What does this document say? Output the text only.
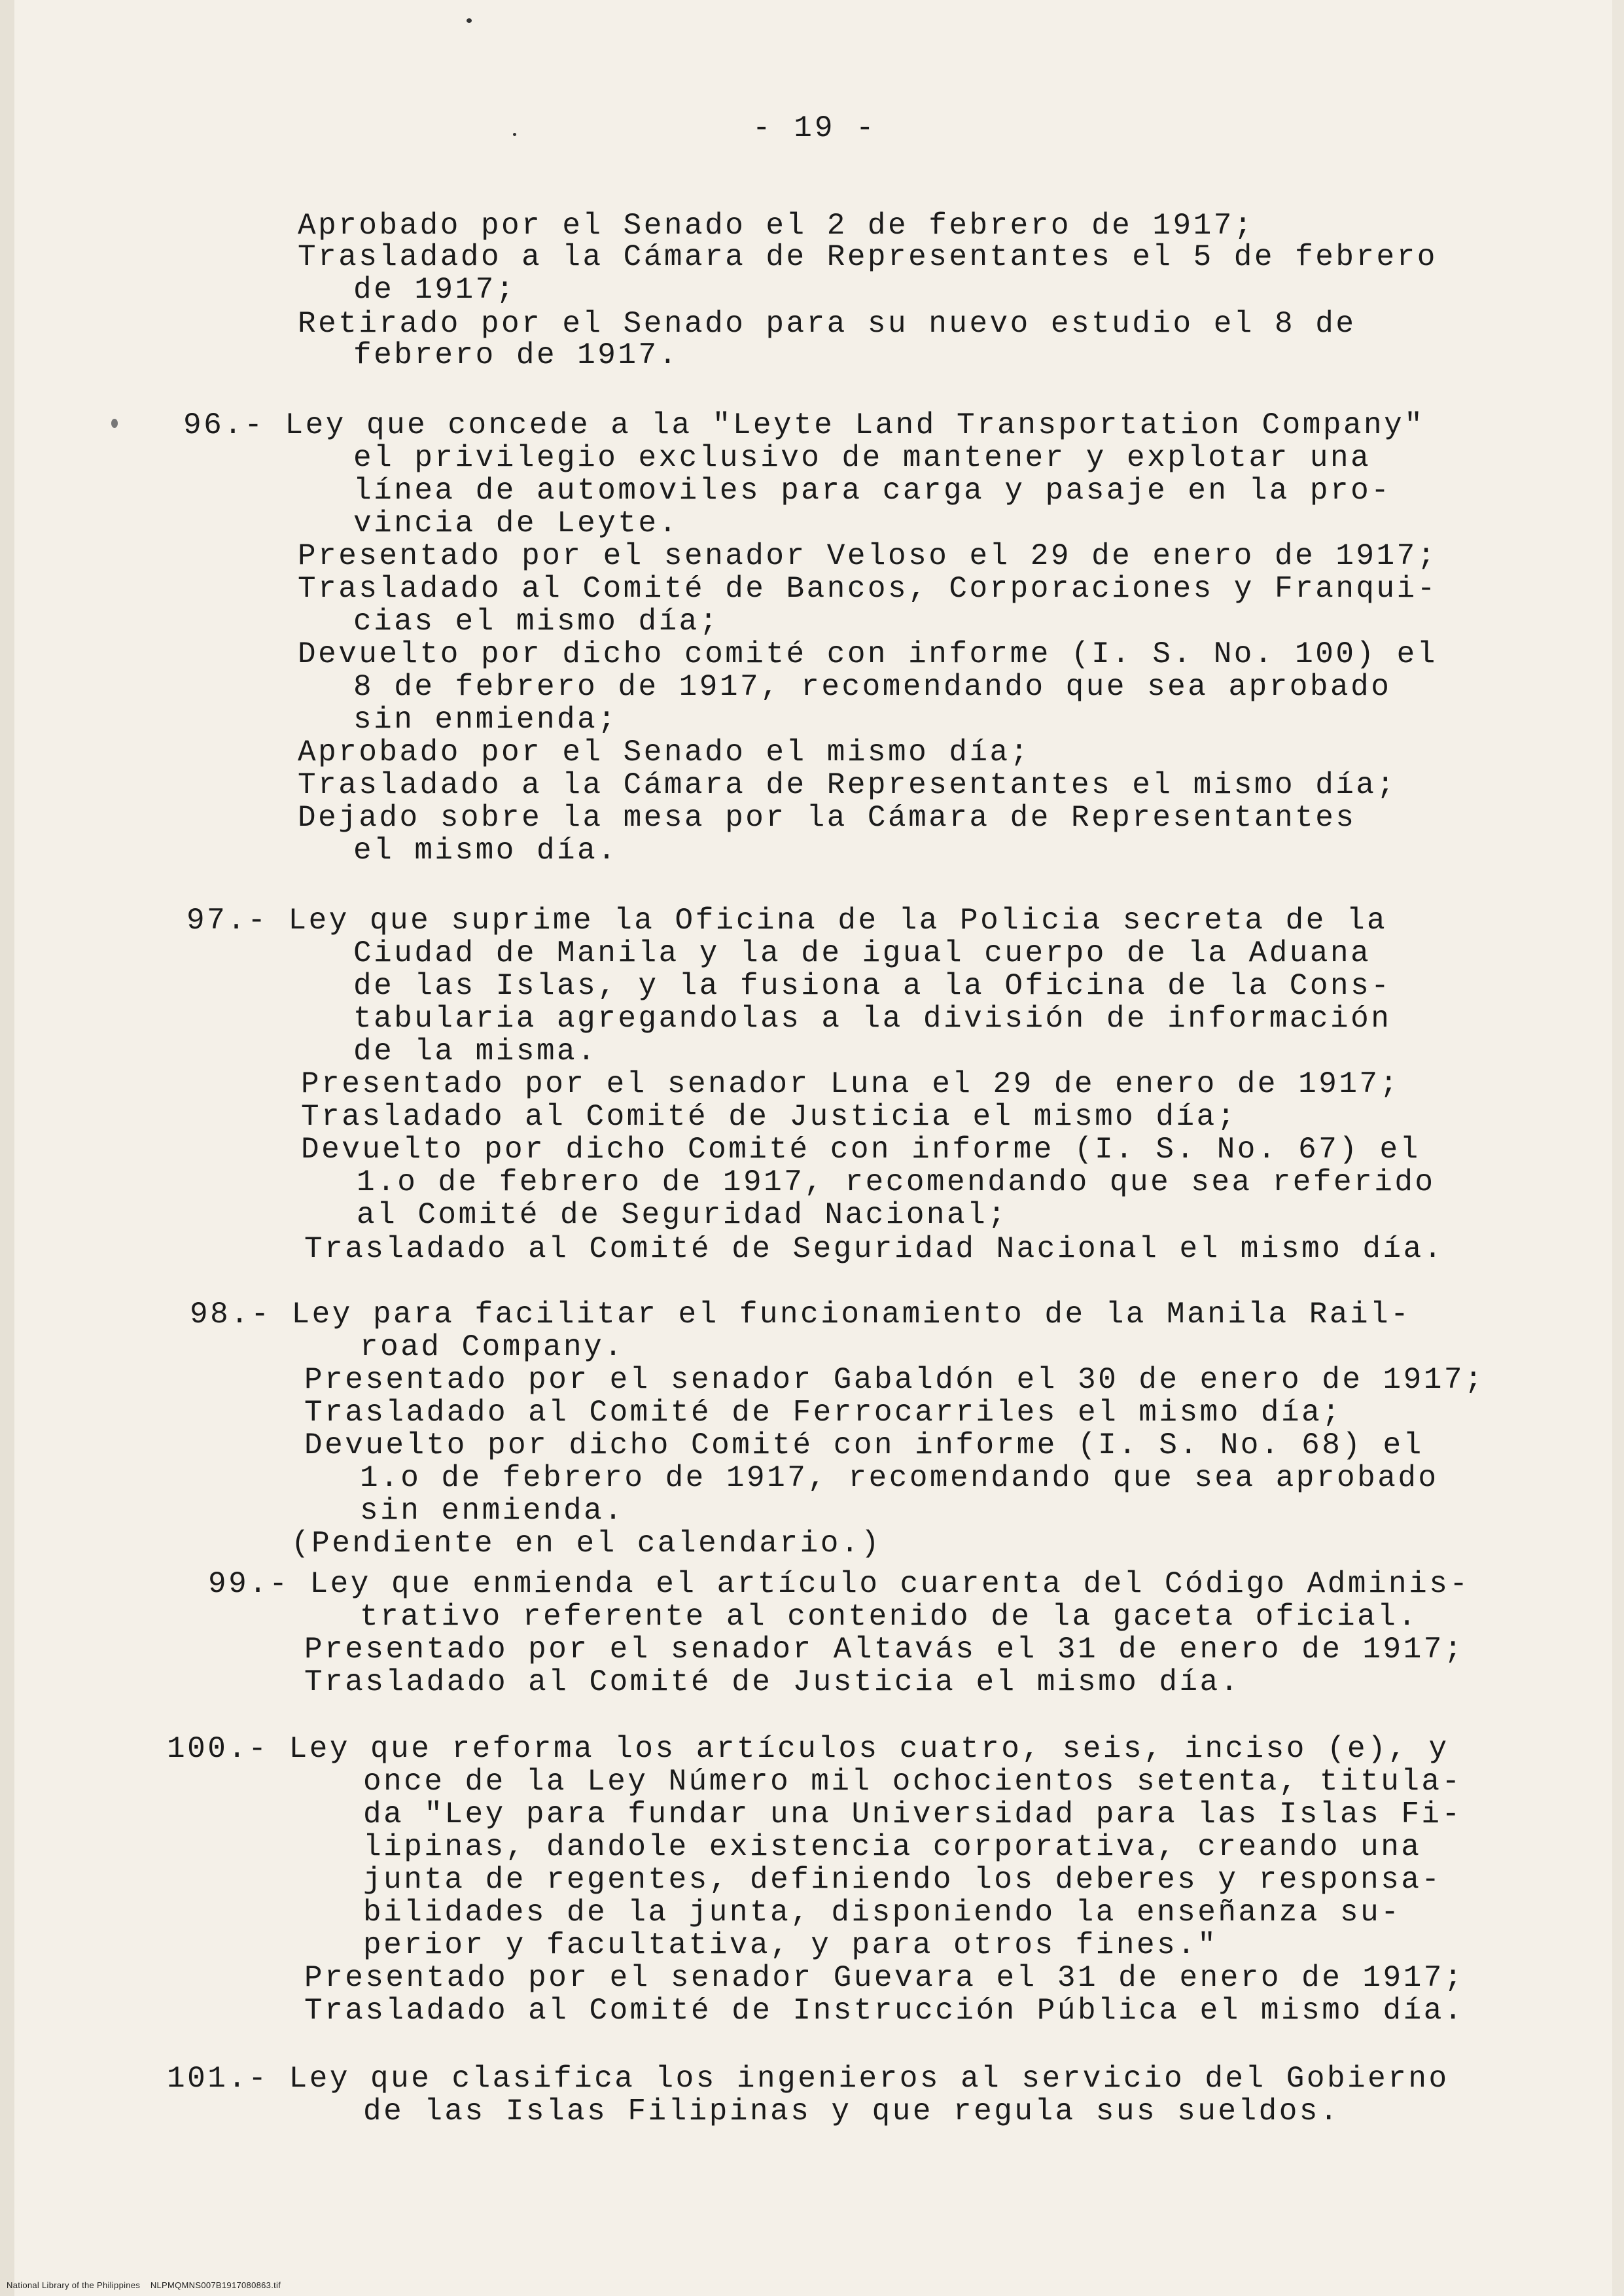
- 19 -
Aprobado por el Senado el 2 de febrero de 1917;
Trasladado a la Cámara de Representantes el 5 de febrero
de 1917;
Retirado por el Senado para su nuevo estudio el 8 de
febrero de 1917.
96.- Ley que concede a la "Leyte Land Transportation Company"
el privilegio exclusivo de mantener y explotar una
línea de automoviles para carga y pasaje en la pro-
vincia de Leyte.
Presentado por el senador Veloso el 29 de enero de 1917;
Trasladado al Comité de Bancos, Corporaciones y Franqui-
cias el mismo día;
Devuelto por dicho comité con informe (I. S. No. 100) el
8 de febrero de 1917, recomendando que sea aprobado
sin enmienda;
Aprobado por el Senado el mismo día;
Trasladado a la Cámara de Representantes el mismo día;
Dejado sobre la mesa por la Cámara de Representantes
el mismo día.
97.- Ley que suprime la Oficina de la Policia secreta de la
Ciudad de Manila y la de igual cuerpo de la Aduana
de las Islas, y la fusiona a la Oficina de la Cons-
tabularia agregandolas a la división de información
de la misma.
Presentado por el senador Luna el 29 de enero de 1917;
Trasladado al Comité de Justicia el mismo día;
Devuelto por dicho Comité con informe (I. S. No. 67) el
1.o de febrero de 1917, recomendando que sea referido
al Comité de Seguridad Nacional;
Trasladado al Comité de Seguridad Nacional el mismo día.
98.- Ley para facilitar el funcionamiento de la Manila Rail-
road Company.
Presentado por el senador Gabaldón el 30 de enero de 1917;
Trasladado al Comité de Ferrocarriles el mismo día;
Devuelto por dicho Comité con informe (I. S. No. 68) el
1.o de febrero de 1917, recomendando que sea aprobado
sin enmienda.
(Pendiente en el calendario.)
99.- Ley que enmienda el artículo cuarenta del Código Adminis-
trativo referente al contenido de la gaceta oficial.
Presentado por el senador Altavás el 31 de enero de 1917;
Trasladado al Comité de Justicia el mismo día.
100.- Ley que reforma los artículos cuatro, seis, inciso (e), y
once de la Ley Número mil ochocientos setenta, titula-
da "Ley para fundar una Universidad para las Islas Fi-
lipinas, dandole existencia corporativa, creando una
junta de regentes, definiendo los deberes y responsa-
bilidades de la junta, disponiendo la enseñanza su-
perior y facultativa, y para otros fines."
Presentado por el senador Guevara el 31 de enero de 1917;
Trasladado al Comité de Instrucción Pública el mismo día.
101.- Ley que clasifica los ingenieros al servicio del Gobierno
de las Islas Filipinas y que regula sus sueldos.
National Library of the Philippines    NLPMQMNS007B1917080863.tif
